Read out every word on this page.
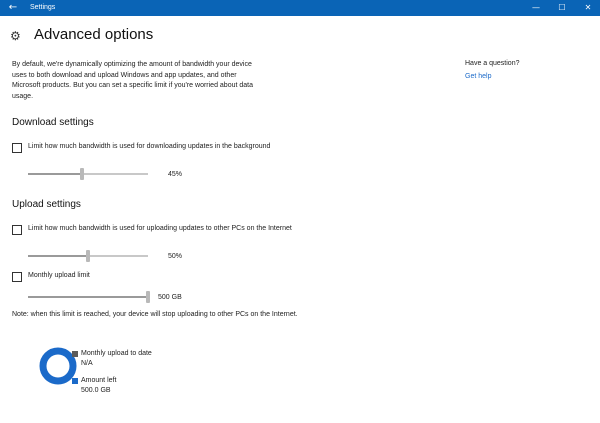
←	Settings	—	☐	✕
⚙ Advanced options
By default, we're dynamically optimizing the amount of bandwidth your device uses to both download and upload Windows and app updates, and other Microsoft products. But you can set a specific limit if you're worried about data usage.
Have a question?
Get help
Download settings
Limit how much bandwidth is used for downloading updates in the background
45%
Upload settings
Limit how much bandwidth is used for uploading updates to other PCs on the Internet
50%
Monthly upload limit
500 GB
Note: when this limit is reached, your device will stop uploading to other PCs on the Internet.
Monthly upload to date
N/A
Amount left
500.0 GB
